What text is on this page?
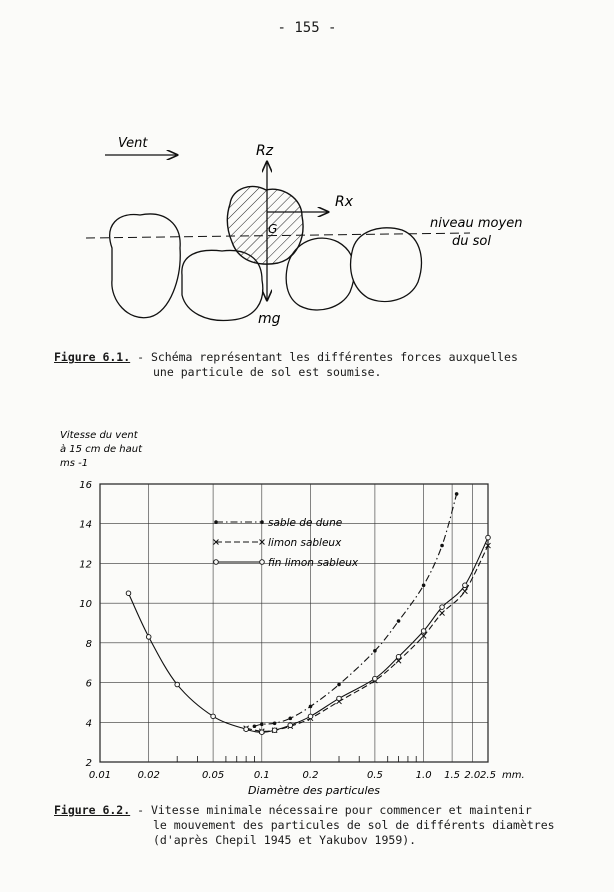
- 155 -
Vent	Rz
Rx
G
mg
niveau moyen
du sol
Figure 6.1. - Schéma représentant les différentes forces auxquelles
une particule de sol est soumise.
Vitesse du vent
à 15 cm de haut
ms -1
2
4
6
8
10
12
14
16
0.01	0.02	0.05	0.1	0.2	0.5	1.0 1.5 2.0 2.5 mm.
sable de dune
limon sableux
fin limon sableux
Diamètre des particules
Figure 6.2. - Vitesse minimale nécessaire pour commencer et maintenir
le mouvement des particules de sol de différents diamètres
(d'après Chepil 1945 et Yakubov 1959).
